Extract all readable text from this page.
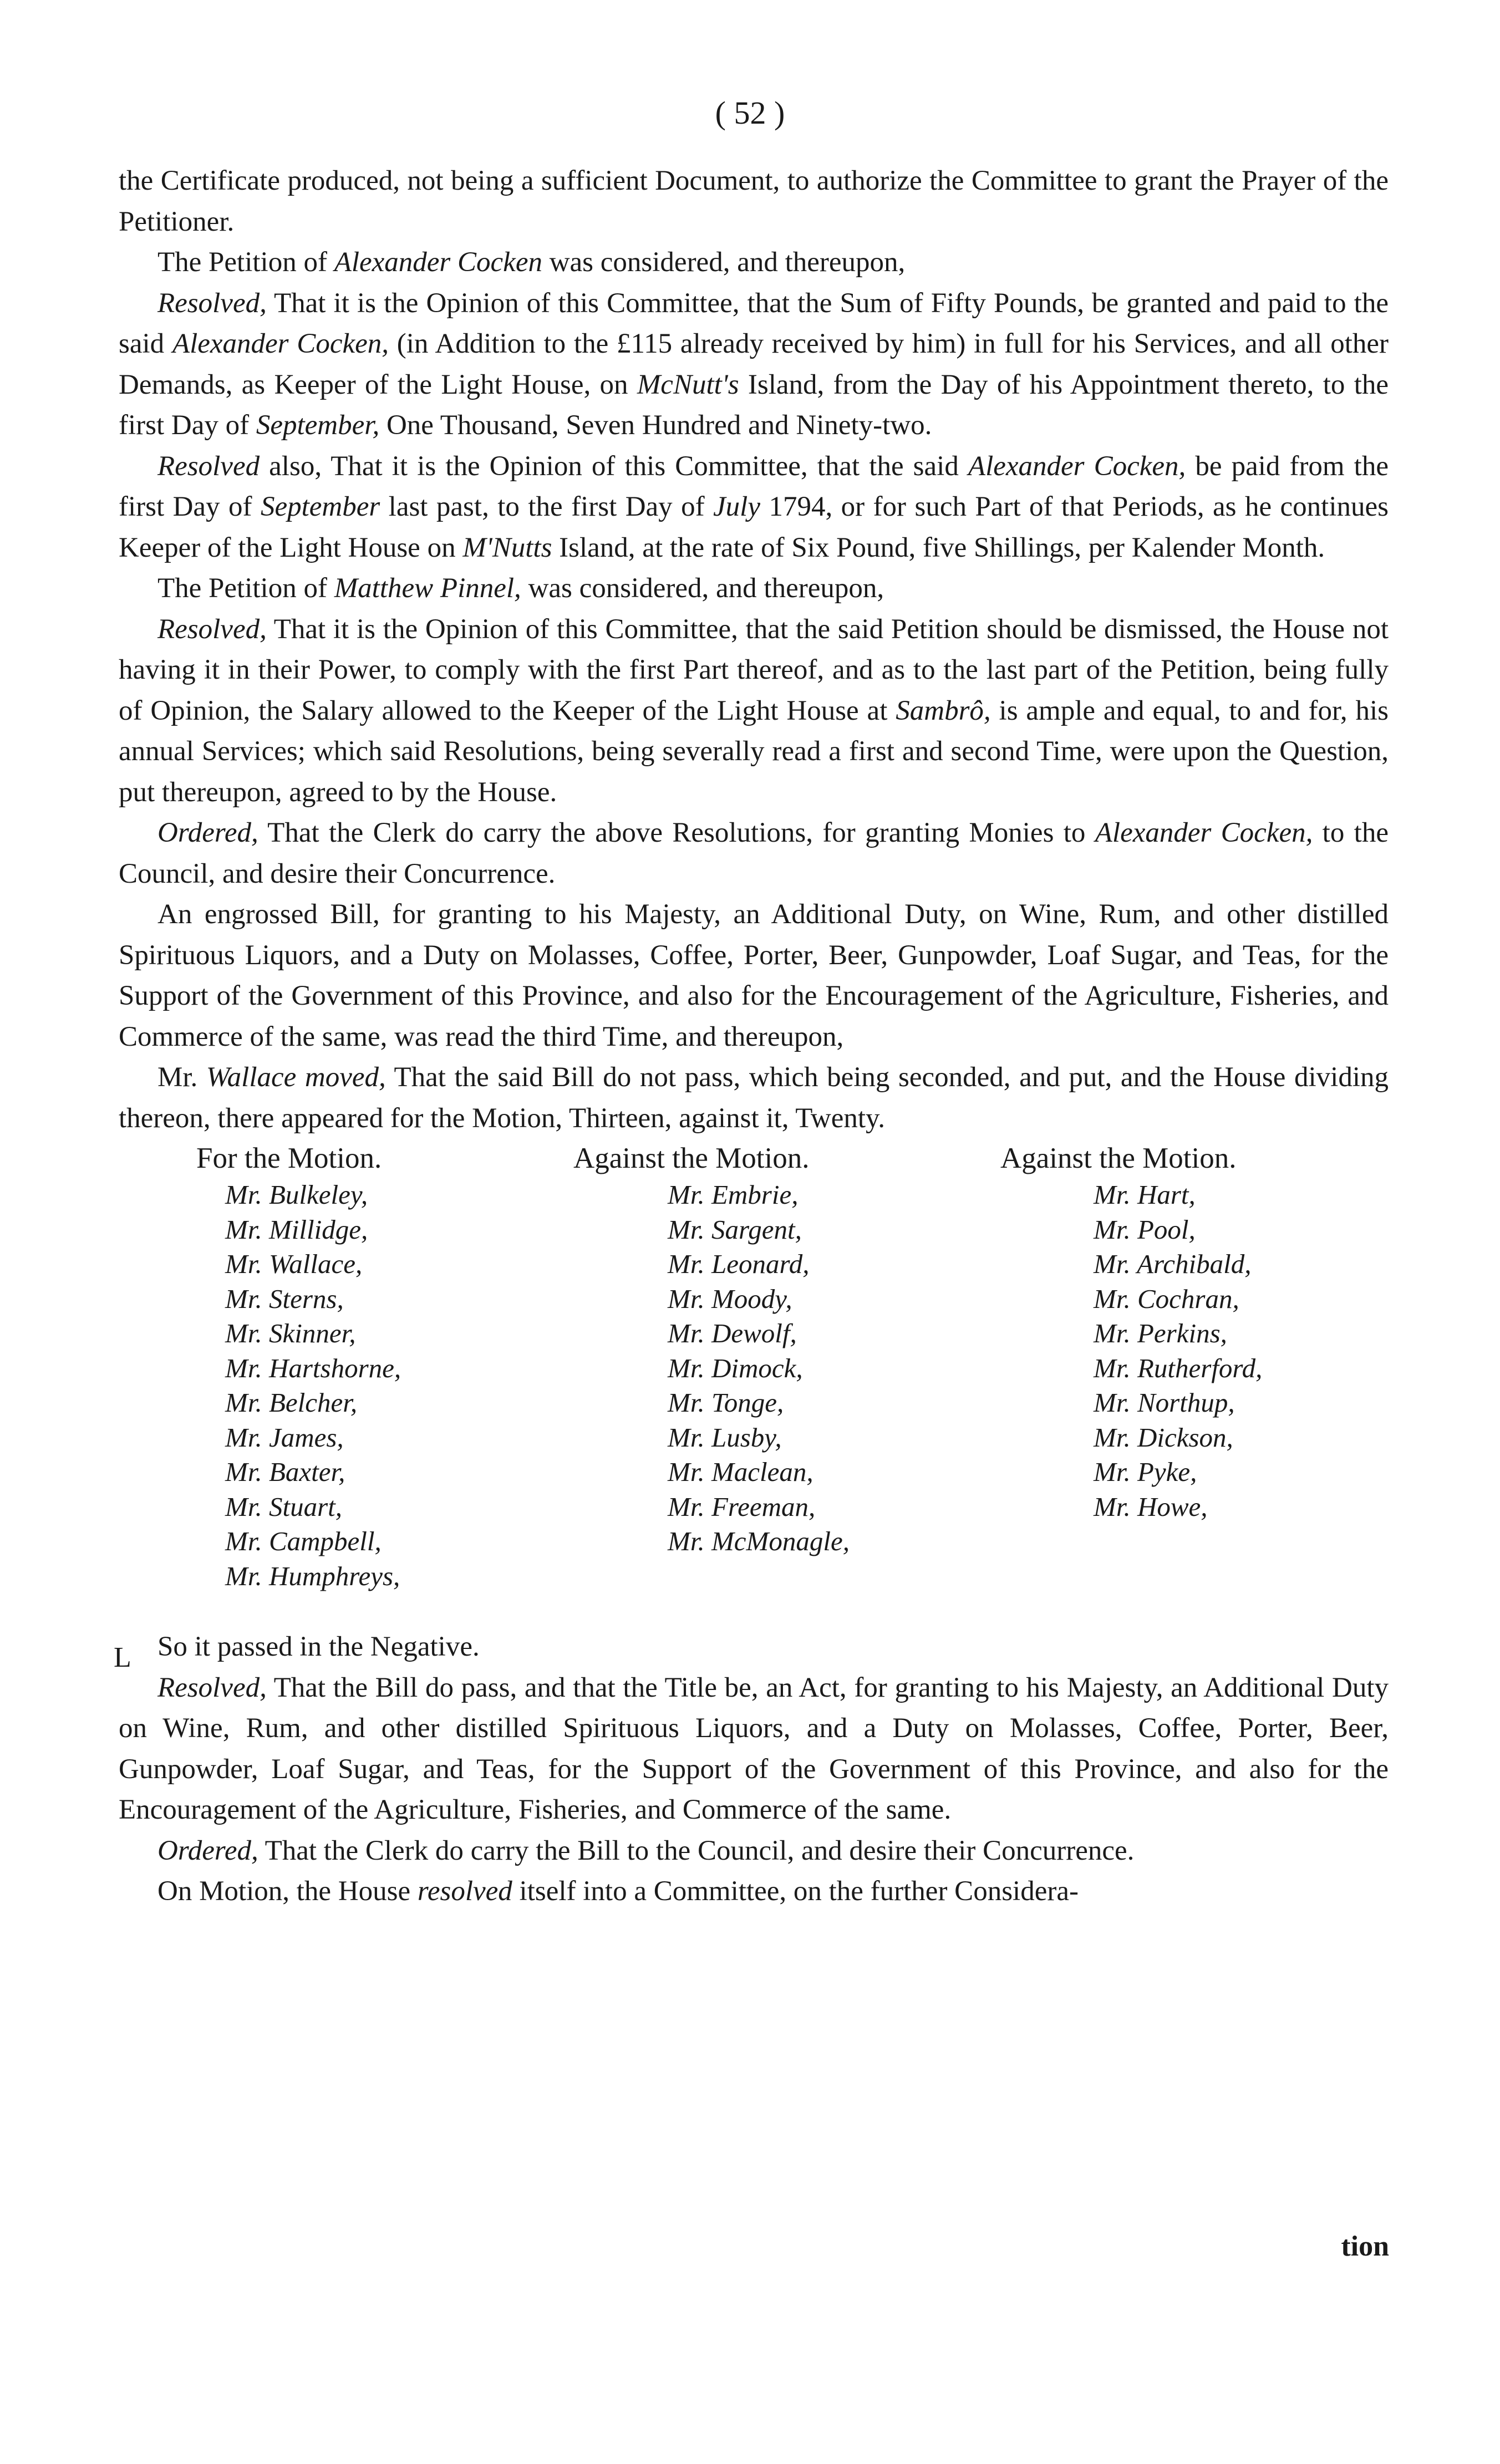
( 52 )

the Certificate produced, not being a sufficient Document, to authorize the Committee to grant the Prayer of the Petitioner.

The Petition of Alexander Cocken was considered, and thereupon,

Resolved, That it is the Opinion of this Committee, that the Sum of Fifty Pounds, be granted and paid to the said Alexander Cocken, (in Addition to the £115 already received by him) in full for his Services, and all other Demands, as Keeper of the Light House, on McNutt's Island, from the Day of his Appointment thereto, to the first Day of September, One Thousand, Seven Hundred and Ninety-two.

Resolved also, That it is the Opinion of this Committee, that the said Alexander Cocken, be paid from the first Day of September last past, to the first Day of July 1794, or for such Part of that Periods, as he continues Keeper of the Light House on M'Nutts Island, at the rate of Six Pound, five Shillings, per Kalender Month.

The Petition of Matthew Pinnel, was considered, and thereupon,

Resolved, That it is the Opinion of this Committee, that the said Petition should be dismissed, the House not having it in their Power, to comply with the first Part thereof, and as to the last part of the Petition, being fully of Opinion, the Salary allowed to the Keeper of the Light House at Sambrô, is ample and equal, to and for, his annual Services; which said Resolutions, being severally read a first and second Time, were upon the Question, put thereupon, agreed to by the House.

Ordered, That the Clerk do carry the above Resolutions, for granting Monies to Alexander Cocken, to the Council, and desire their Concurrence.

An engrossed Bill, for granting to his Majesty, an Additional Duty, on Wine, Rum, and other distilled Spirituous Liquors, and a Duty on Molasses, Coffee, Porter, Beer, Gunpowder, Loaf Sugar, and Teas, for the Support of the Government of this Province, and also for the Encouragement of the Agriculture, Fisheries, and Commerce of the same, was read the third Time, and thereupon,

Mr. Wallace moved, That the said Bill do not pass, which being seconded, and put, and the House dividing thereon, there appeared for the Motion, Thirteen, against it, Twenty.

For the Motion.
Mr. Bulkeley,
Mr. Millidge,
Mr. Wallace,
Mr. Sterns,
Mr. Skinner,
Mr. Hartshorne,
Mr. Belcher,
Mr. James,
Mr. Baxter,
Mr. Stuart,
Mr. Campbell,
Mr. Humphreys,
Against the Motion.
Mr. Embrie,
Mr. Sargent,
Mr. Leonard,
Mr. Moody,
Mr. Dewolf,
Mr. Dimock,
Mr. Tonge,
Mr. Lusby,
Mr. Maclean,
Mr. Freeman,
Mr. McMonagle,
Against the Motion.
Mr. Hart,
Mr. Pool,
Mr. Archibald,
Mr. Cochran,
Mr. Perkins,
Mr. Rutherford,
Mr. Northup,
Mr. Dickson,
Mr. Pyke,
Mr. Howe,

So it passed in the Negative.

Resolved, That the Bill do pass, and that the Title be, an Act, for granting to his Majesty, an Additional Duty on Wine, Rum, and other distilled Spirituous Liquors, and a Duty on Molasses, Coffee, Porter, Beer, Gunpowder, Loaf Sugar, and Teas, for the Support of the Government of this Province, and also for the Encouragement of the Agriculture, Fisheries, and Commerce of the same.

Ordered, That the Clerk do carry the Bill to the Council, and desire their Concurrence.

On Motion, the House resolved itself into a Committee, on the further Considera-

L
tion
